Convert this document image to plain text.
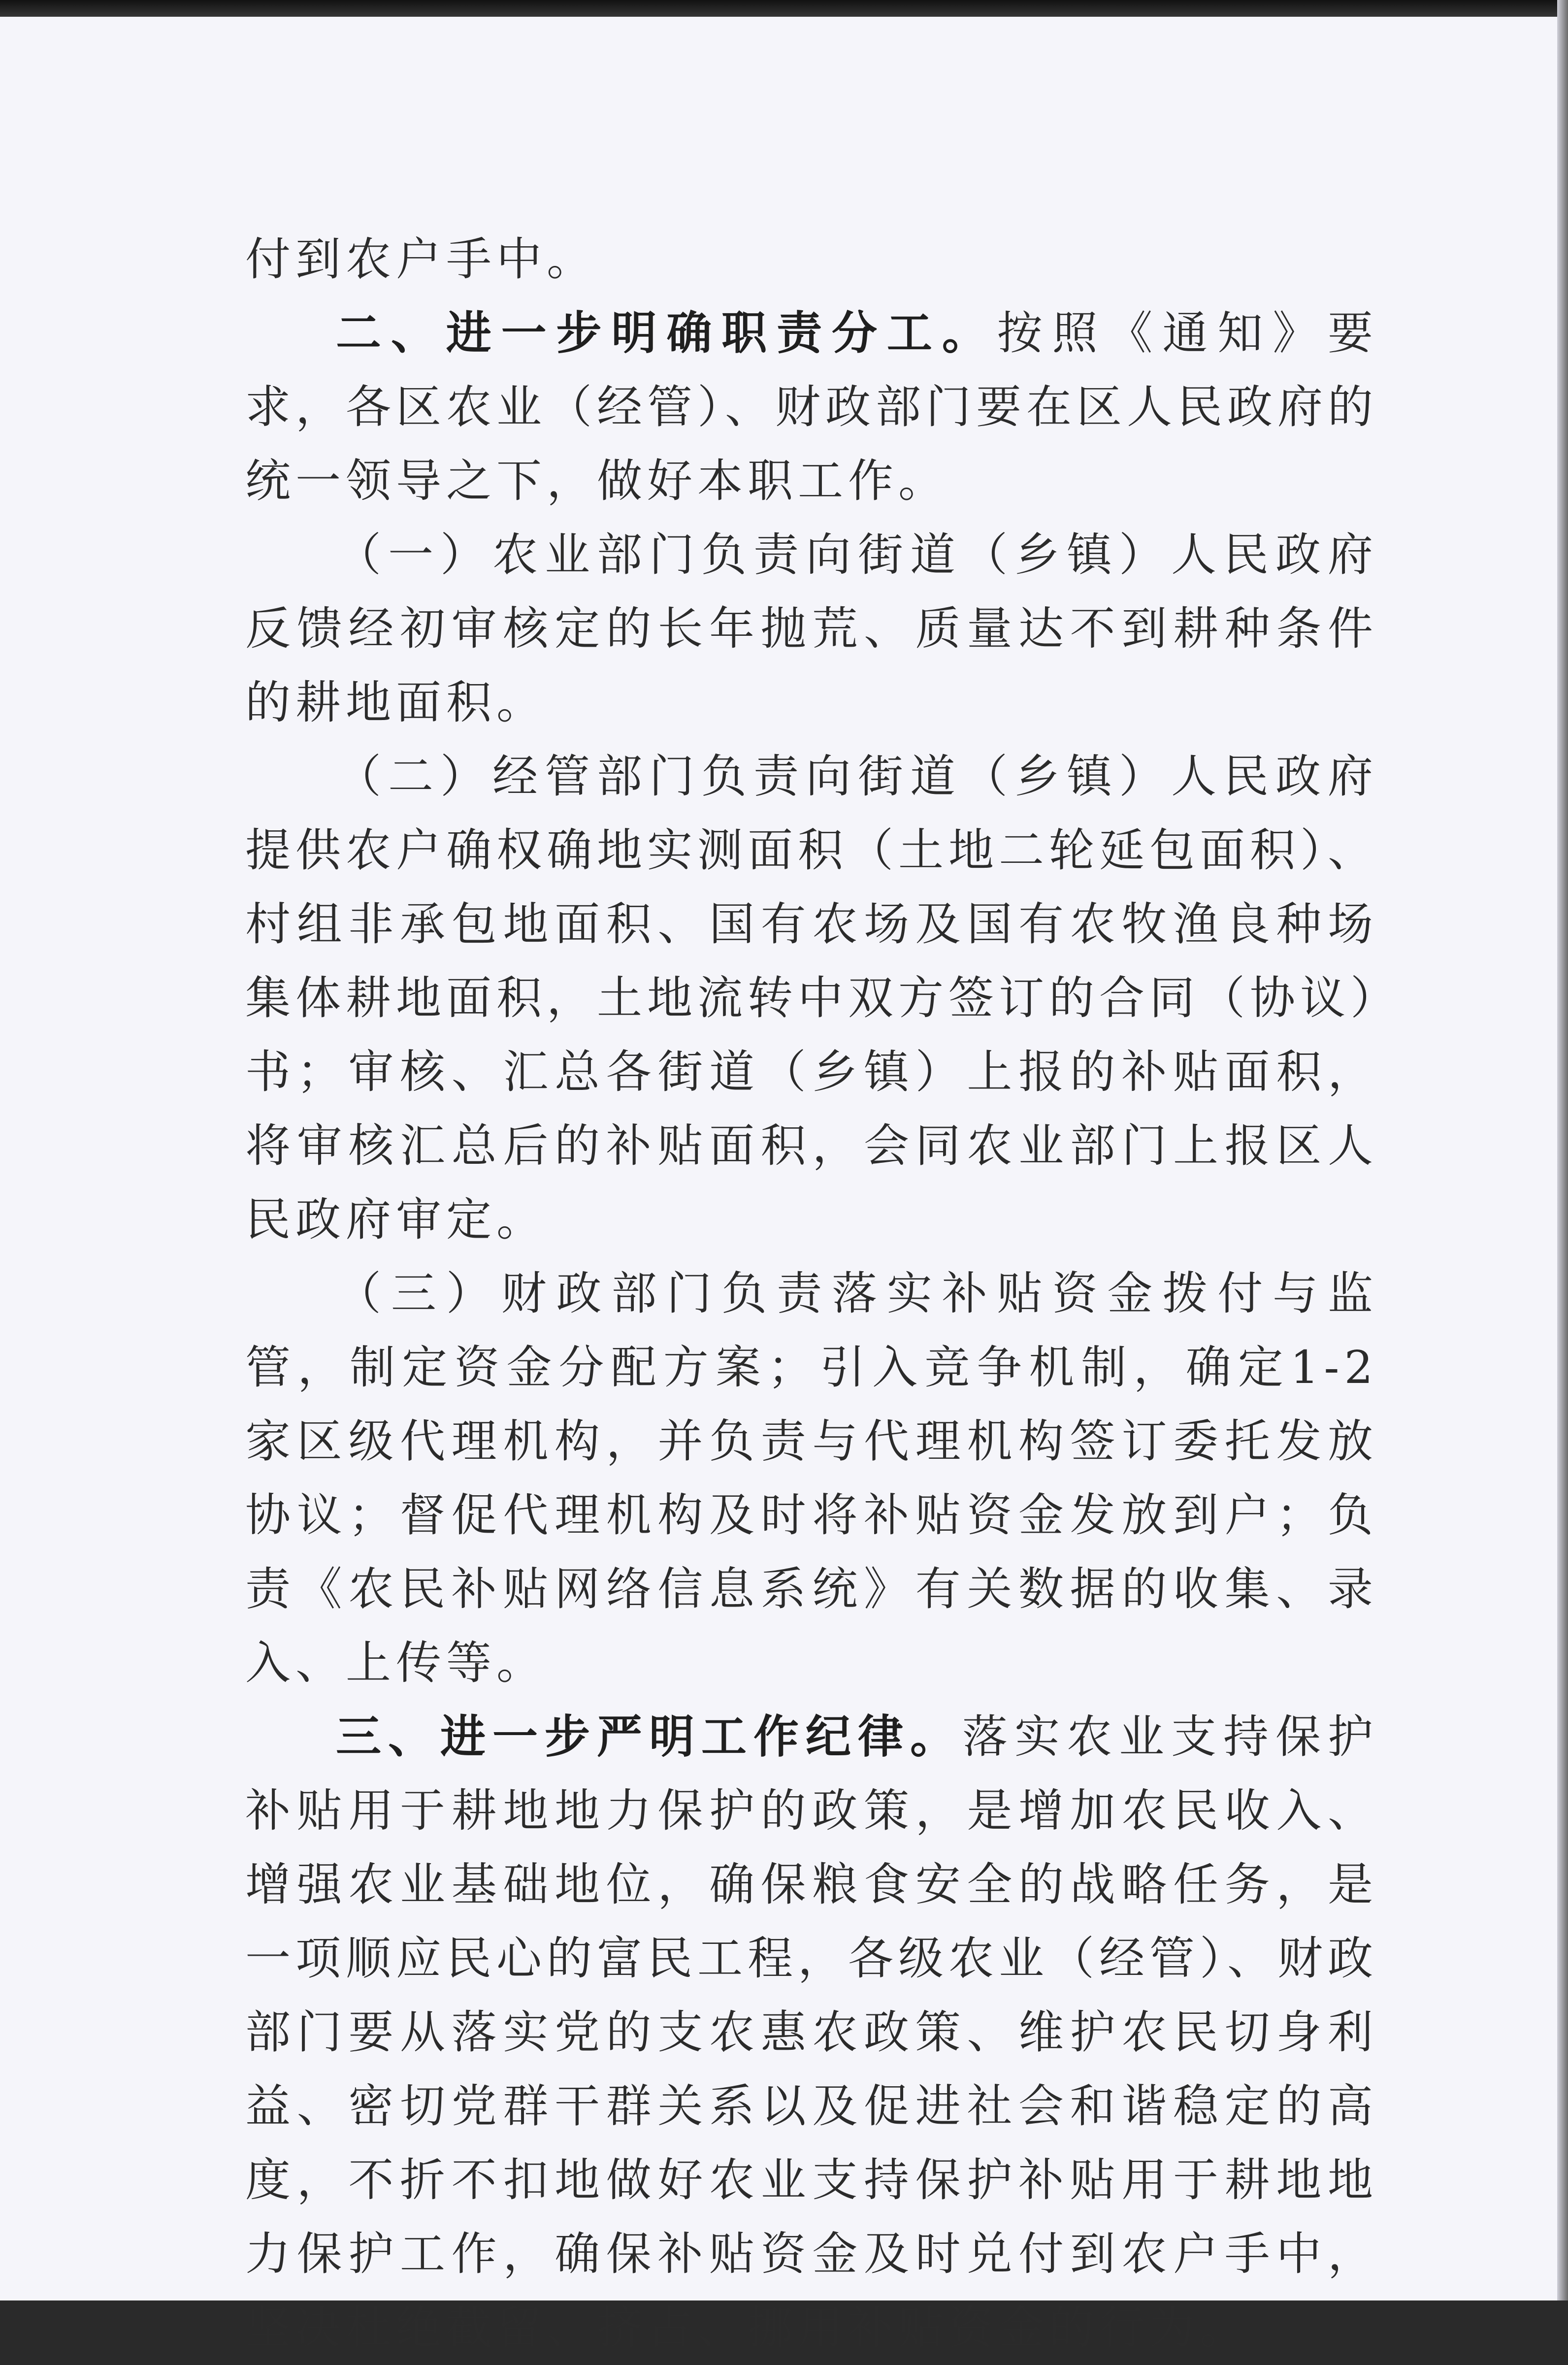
付到农户手中。

二、进一步明确职责分工。按照《通知》要求，各区农业（经管）、财政部门要在区人民政府的统一领导之下，做好本职工作。

（一）农业部门负责向街道（乡镇）人民政府反馈经初审核定的长年抛荒、质量达不到耕种条件的耕地面积。

（二）经管部门负责向街道（乡镇）人民政府提供农户确权确地实测面积（土地二轮延包面积）、村组非承包地面积、国有农场及国有农牧渔良种场集体耕地面积，土地流转中双方签订的合同（协议）书；审核、汇总各街道（乡镇）上报的补贴面积，将审核汇总后的补贴面积，会同农业部门上报区人民政府审定。

（三）财政部门负责落实补贴资金拨付与监管，制定资金分配方案；引入竞争机制，确定1-2家区级代理机构，并负责与代理机构签订委托发放协议；督促代理机构及时将补贴资金发放到户；负责《农民补贴网络信息系统》有关数据的收集、录入、上传等。

三、进一步严明工作纪律。落实农业支持保护补贴用于耕地地力保护的政策，是增加农民收入、增强农业基础地位，确保粮食安全的战略任务，是一项顺应民心的富民工程，各级农业（经管）、财政部门要从落实党的支农惠农政策、维护农民切身利益、密切党群干群关系以及促进社会和谐稳定的高度，不折不扣地做好农业支持保护补贴用于耕地地力保护工作，确保补贴资金及时兑付到农户手中，坚决杜绝截留、挤占、挪用补贴资金的行为。
